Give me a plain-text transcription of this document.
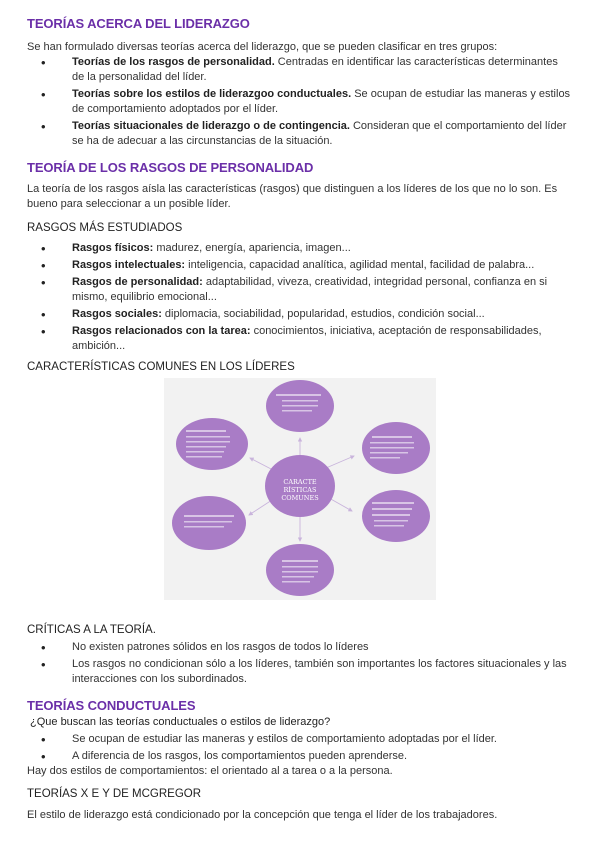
TEORÍAS ACERCA DEL LIDERAZGO
Se han formulado diversas teorías acerca del liderazgo, que se pueden clasificar en tres grupos:
• Teorías de los rasgos de personalidad. Centradas en identificar las características determinantes de la personalidad del líder.
• Teorías sobre los estilos de liderazgoo conductuales. Se ocupan de estudiar las maneras y estilos de comportamiento adoptados por el líder.
• Teorías situacionales de liderazgo o de contingencia. Consideran que el comportamiento del líder se ha de adecuar a las circunstancias de la situación.
TEORÍA DE LOS RASGOS DE PERSONALIDAD
La teoría de los rasgos aísla las características (rasgos) que distinguen a los líderes de los que no lo son. Es bueno para seleccionar a un posible líder.
RASGOS MÁS ESTUDIADOS
• Rasgos físicos: madurez, energía, apariencia, imagen...
• Rasgos intelectuales: inteligencia, capacidad analítica, agilidad mental, facilidad de palabra...
• Rasgos de personalidad: adaptabilidad, viveza, creatividad, integridad personal, confianza en si mismo, equilibrio emocional...
• Rasgos sociales: diplomacia, sociabilidad, popularidad, estudios, condición social...
• Rasgos relacionados con la tarea: conocimientos, iniciativa, aceptación de responsabilidades, ambición...
CARACTERÍSTICAS COMUNES EN LOS LÍDERES
CARACTE
RÍSTICAS
COMUNES
CRÍTICAS A LA TEORÍA.
• No existen patrones sólidos en los rasgos de todos lo líderes
• Los rasgos no condicionan sólo a los líderes, también son importantes los factores situacionales y las interacciones con los subordinados.
TEORÍAS CONDUCTUALES
¿Que buscan las teorías conductuales o estilos de liderazgo?
• Se ocupan de estudiar las maneras y estilos de comportamiento adoptadas por el líder.
• A diferencia de los rasgos, los comportamientos pueden aprenderse.
Hay dos estilos de comportamientos: el orientado al a tarea o a la persona.
TEORÍAS X E Y DE MCGREGOR
El estilo de liderazgo está condicionado por la concepción que tenga el líder de los trabajadores.
